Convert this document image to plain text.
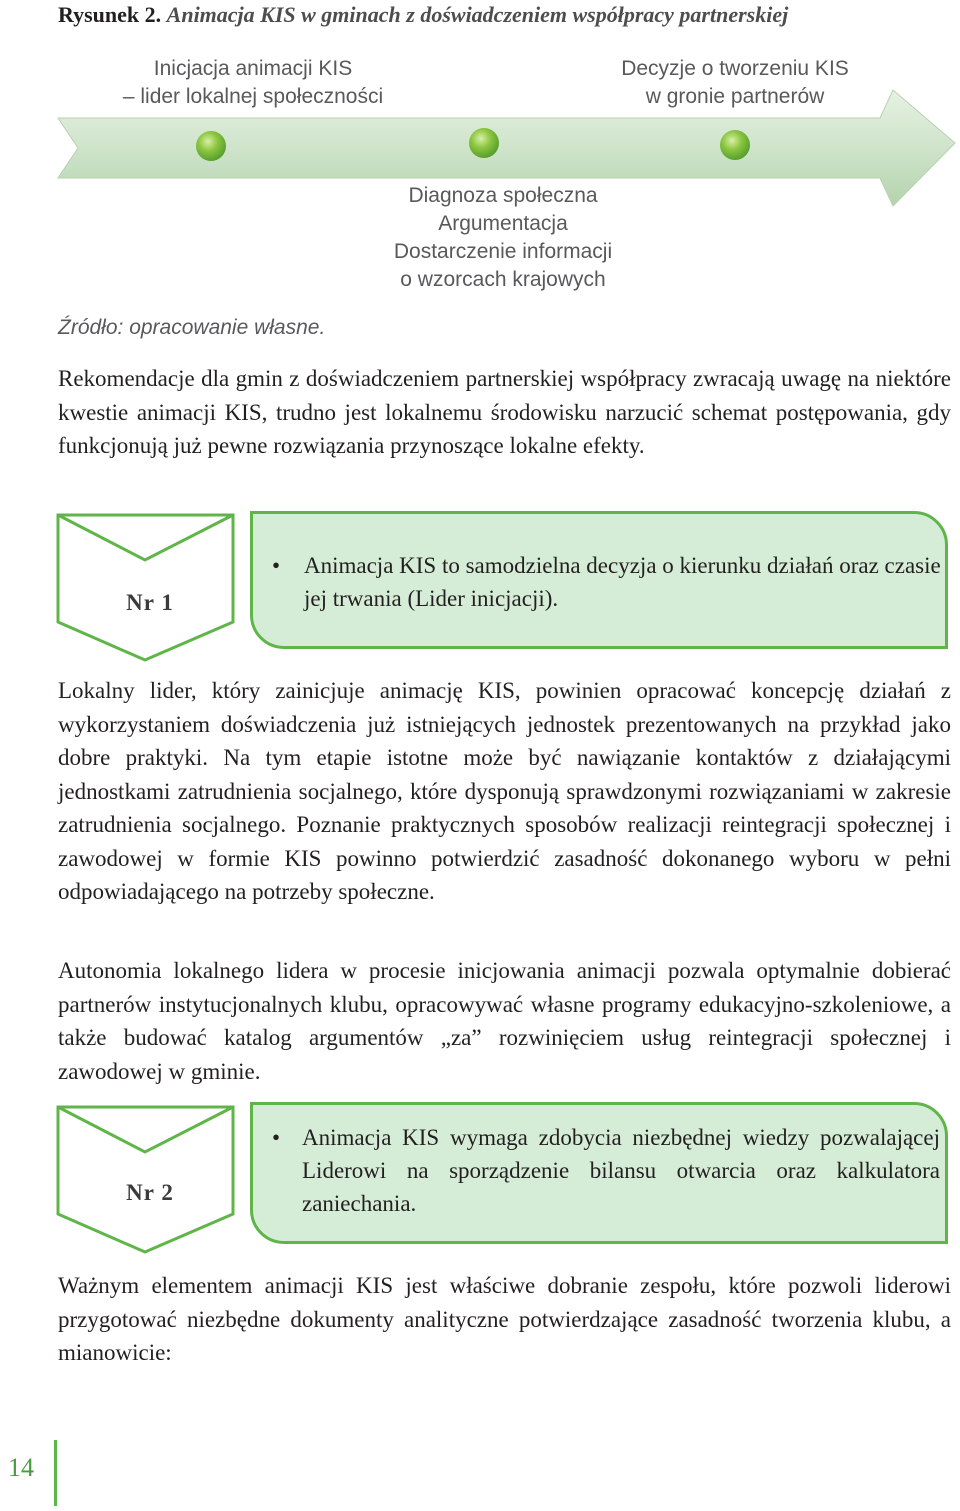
Rysunek 2. Animacja KIS w gminach z doświadczeniem współpracy partnerskiej
Inicjacja animacji KIS
– lider lokalnej społeczności
Decyzje o tworzeniu KIS
w gronie partnerów
Diagnoza społeczna
Argumentacja
Dostarczenie informacji
o wzorcach krajowych
Źródło: opracowanie własne.
Rekomendacje dla gmin z doświadczeniem partnerskiej współpracy zwracają uwagę na niektóre kwestie animacji KIS, trudno jest lokalnemu środowisku narzucić schemat postępowania, gdy funkcjonują już pewne rozwiązania przynoszące lokalne efekty.
Nr 1
• Animacja KIS to samodzielna decyzja o kierunku działań oraz czasie jej trwania (Lider inicjacji).
Lokalny lider, który zainicjuje animację KIS, powinien opracować koncepcję działań z wykorzystaniem doświadczenia już istniejących jednostek prezentowanych na przykład jako dobre praktyki. Na tym etapie istotne może być nawiązanie kontaktów z działającymi jednostkami zatrudnienia socjalnego, które dysponują sprawdzonymi rozwiązaniami w zakresie zatrudnienia socjalnego. Poznanie praktycznych sposobów realizacji reintegracji społecznej i zawodowej w formie KIS powinno potwierdzić zasadność dokonanego wyboru w pełni odpowiadającego na potrzeby społeczne.
Autonomia lokalnego lidera w procesie inicjowania animacji pozwala optymalnie dobierać partnerów instytucjonalnych klubu, opracowywać własne programy edukacyjno-szkoleniowe, a także budować katalog argumentów „za” rozwinięciem usług reintegracji społecznej i zawodowej w gminie.
Nr 2
• Animacja KIS wymaga zdobycia niezbędnej wiedzy pozwalającej Liderowi na sporządzenie bilansu otwarcia oraz kalkulatora zaniechania.
Ważnym elementem animacji KIS jest właściwe dobranie zespołu, które pozwoli liderowi przygotować niezbędne dokumenty analityczne potwierdzające zasadność tworzenia klubu, a mianowicie:
14
